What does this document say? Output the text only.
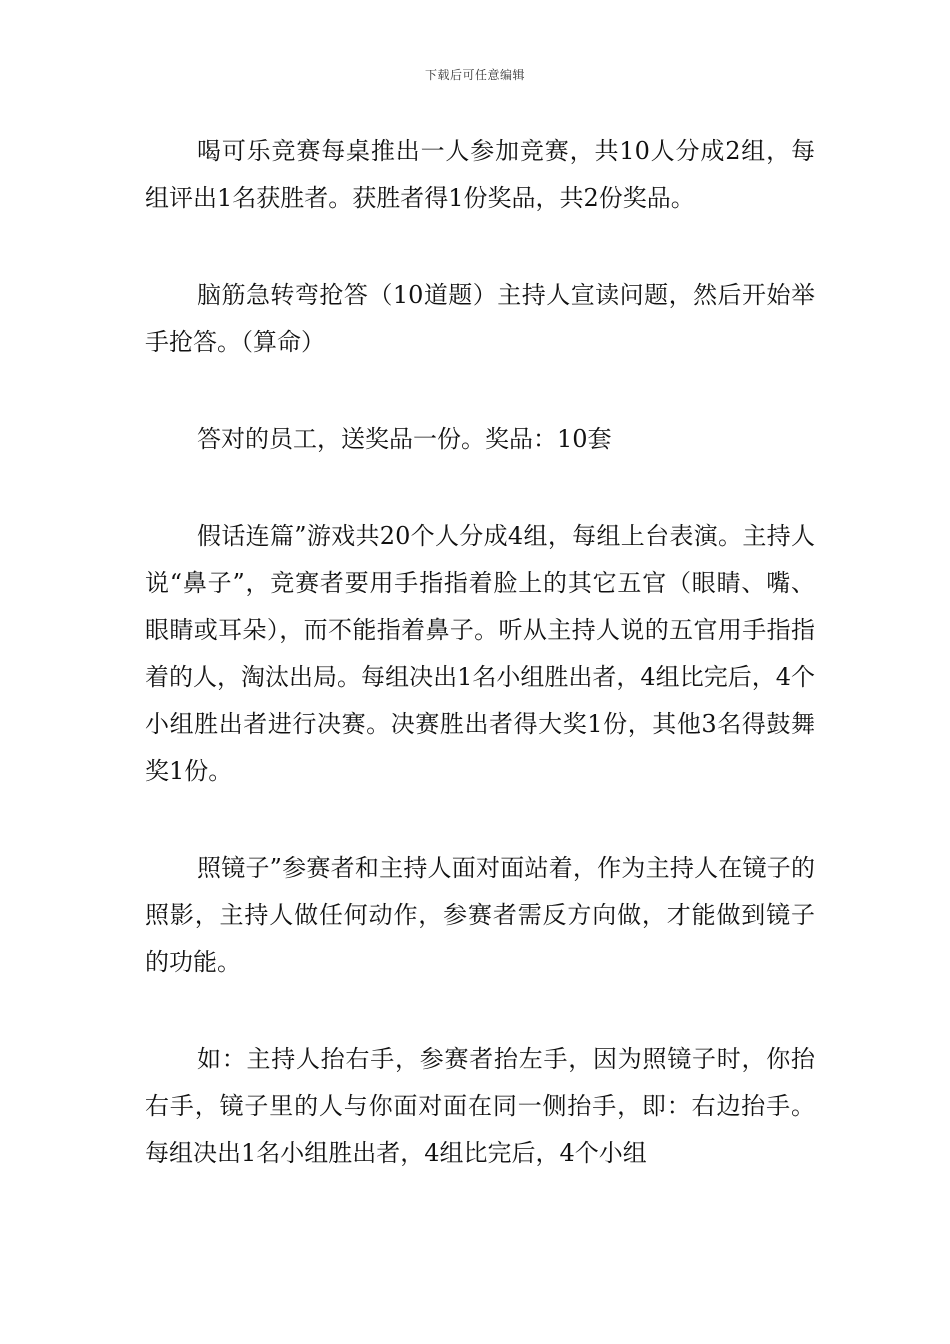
下载后可任意编辑

喝可乐竞赛每桌推出一人参加竞赛，共10人分成2组，每组评出1名获胜者。获胜者得1份奖品，共2份奖品。

脑筋急转弯抢答（10道题）主持人宣读问题，然后开始举手抢答。（算命）

答对的员工，送奖品一份。奖品：10套

假话连篇”游戏共20个人分成4组，每组上台表演。主持人说“鼻子”，竞赛者要用手指指着脸上的其它五官（眼睛、嘴、眼睛或耳朵），而不能指着鼻子。听从主持人说的五官用手指指着的人，淘汰出局。每组决出1名小组胜出者，4组比完后，4个小组胜出者进行决赛。决赛胜出者得大奖1份，其他3名得鼓舞奖1份。

照镜子”参赛者和主持人面对面站着，作为主持人在镜子的照影，主持人做任何动作，参赛者需反方向做，才能做到镜子的功能。

如：主持人抬右手，参赛者抬左手，因为照镜子时，你抬右手，镜子里的人与你面对面在同一侧抬手，即：右边抬手。每组决出1名小组胜出者，4组比完后，4个小组
